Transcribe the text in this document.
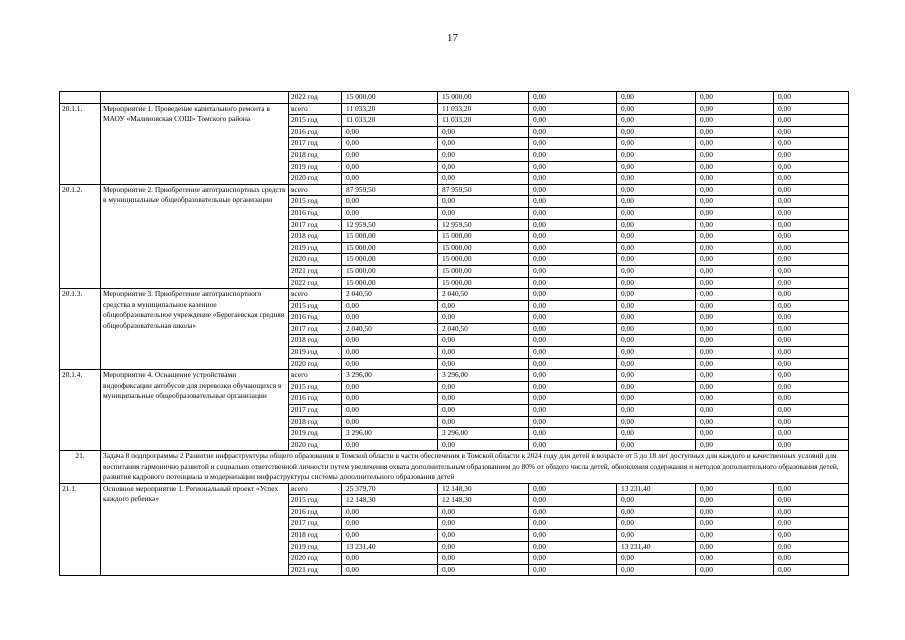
17
		2022 год	15 000,00	15 000,00	0,00	0,00	0,00	0,00
20.1.1.	Мероприятие 1. Проведение капитального ремонта в МАОУ «Малиновская СОШ» Томского района	всего	11 033,20	11 033,20	0,00	0,00	0,00	0,00
		2015 год	11 033,20	11 033,20	0,00	0,00	0,00	0,00
		2016 год	0,00	0,00	0,00	0,00	0,00	0,00
		2017 год	0,00	0,00	0,00	0,00	0,00	0,00
		2018 год	0,00	0,00	0,00	0,00	0,00	0,00
		2019 год	0,00	0,00	0,00	0,00	0,00	0,00
		2020 год	0,00	0,00	0,00	0,00	0,00	0,00
20.1.2.	Мероприятие 2. Приобретение автотранспортных средств в муниципальные общеобразовательные организации	всего	87 959,50	87 959,50	0,00	0,00	0,00	0,00
		2015 год	0,00	0,00	0,00	0,00	0,00	0,00
		2016 год	0,00	0,00	0,00	0,00	0,00	0,00
		2017 год	12 959,50	12 959,50	0,00	0,00	0,00	0,00
		2018 год	15 000,00	15 000,00	0,00	0,00	0,00	0,00
		2019 год	15 000,00	15 000,00	0,00	0,00	0,00	0,00
		2020 год	15 000,00	15 000,00	0,00	0,00	0,00	0,00
		2021 год	15 000,00	15 000,00	0,00	0,00	0,00	0,00
		2022 год	15 000,00	15 000,00	0,00	0,00	0,00	0,00
20.1.3.	Мероприятие 3. Приобретение автотранспортного средства в муниципальное казенное общеобразовательное учреждение «Берегаевская средняя общеобразовательная школа»	всего	2 040,50	2 040,50	0,00	0,00	0,00	0,00
		2015 год	0,00	0,00	0,00	0,00	0,00	0,00
		2016 год	0,00	0,00	0,00	0,00	0,00	0,00
		2017 год	2 040,50	2 040,50	0,00	0,00	0,00	0,00
		2018 год	0,00	0,00	0,00	0,00	0,00	0,00
		2019 год	0,00	0,00	0,00	0,00	0,00	0,00
		2020 год	0,00	0,00	0,00	0,00	0,00	0,00
20.1.4.	Мероприятие 4. Оснащение устройствами видеофиксации автобусов для перевозки обучающихся в муниципальные общеобразовательные организации	всего	3 296,00	3 296,00	0,00	0,00	0,00	0,00
		2015 год	0,00	0,00	0,00	0,00	0,00	0,00
		2016 год	0,00	0,00	0,00	0,00	0,00	0,00
		2017 год	0,00	0,00	0,00	0,00	0,00	0,00
		2018 год	0,00	0,00	0,00	0,00	0,00	0,00
		2019 год	3 296,00	3 296,00	0,00	0,00	0,00	0,00
		2020 год	0,00	0,00	0,00	0,00	0,00	0,00
21.	Задача 8 подпрограммы 2 Развитие инфраструктуры общего образования в Томской области в части обеспечения в Томской области к 2024 году для детей в возрасте от 5 до 18 лет доступных для каждого и качественных условий для воспитания гармонично развитой и социально ответственной личности путем увеличения охвата дополнительным образованием до 80% от общего числа детей, обновления содержания и методов дополнительного образования детей, развития кадрового потенциала и модернизации инфраструктуры системы дополнительного образования детей							
21.1.	Основное мероприятие 1. Региональный проект «Успех каждого ребенка»	всего	25 379,70	12 148,30	0,00	13 231,40	0,00	0,00
		2015 год	12 148,30	12 148,30	0,00	0,00	0,00	0,00
		2016 год	0,00	0,00	0,00	0,00	0,00	0,00
		2017 год	0,00	0,00	0,00	0,00	0,00	0,00
		2018 год	0,00	0,00	0,00	0,00	0,00	0,00
		2019 год	13 231,40	0,00	0,00	13 231,40	0,00	0,00
		2020 год	0,00	0,00	0,00	0,00	0,00	0,00
		2021 год	0,00	0,00	0,00	0,00	0,00	0,00
